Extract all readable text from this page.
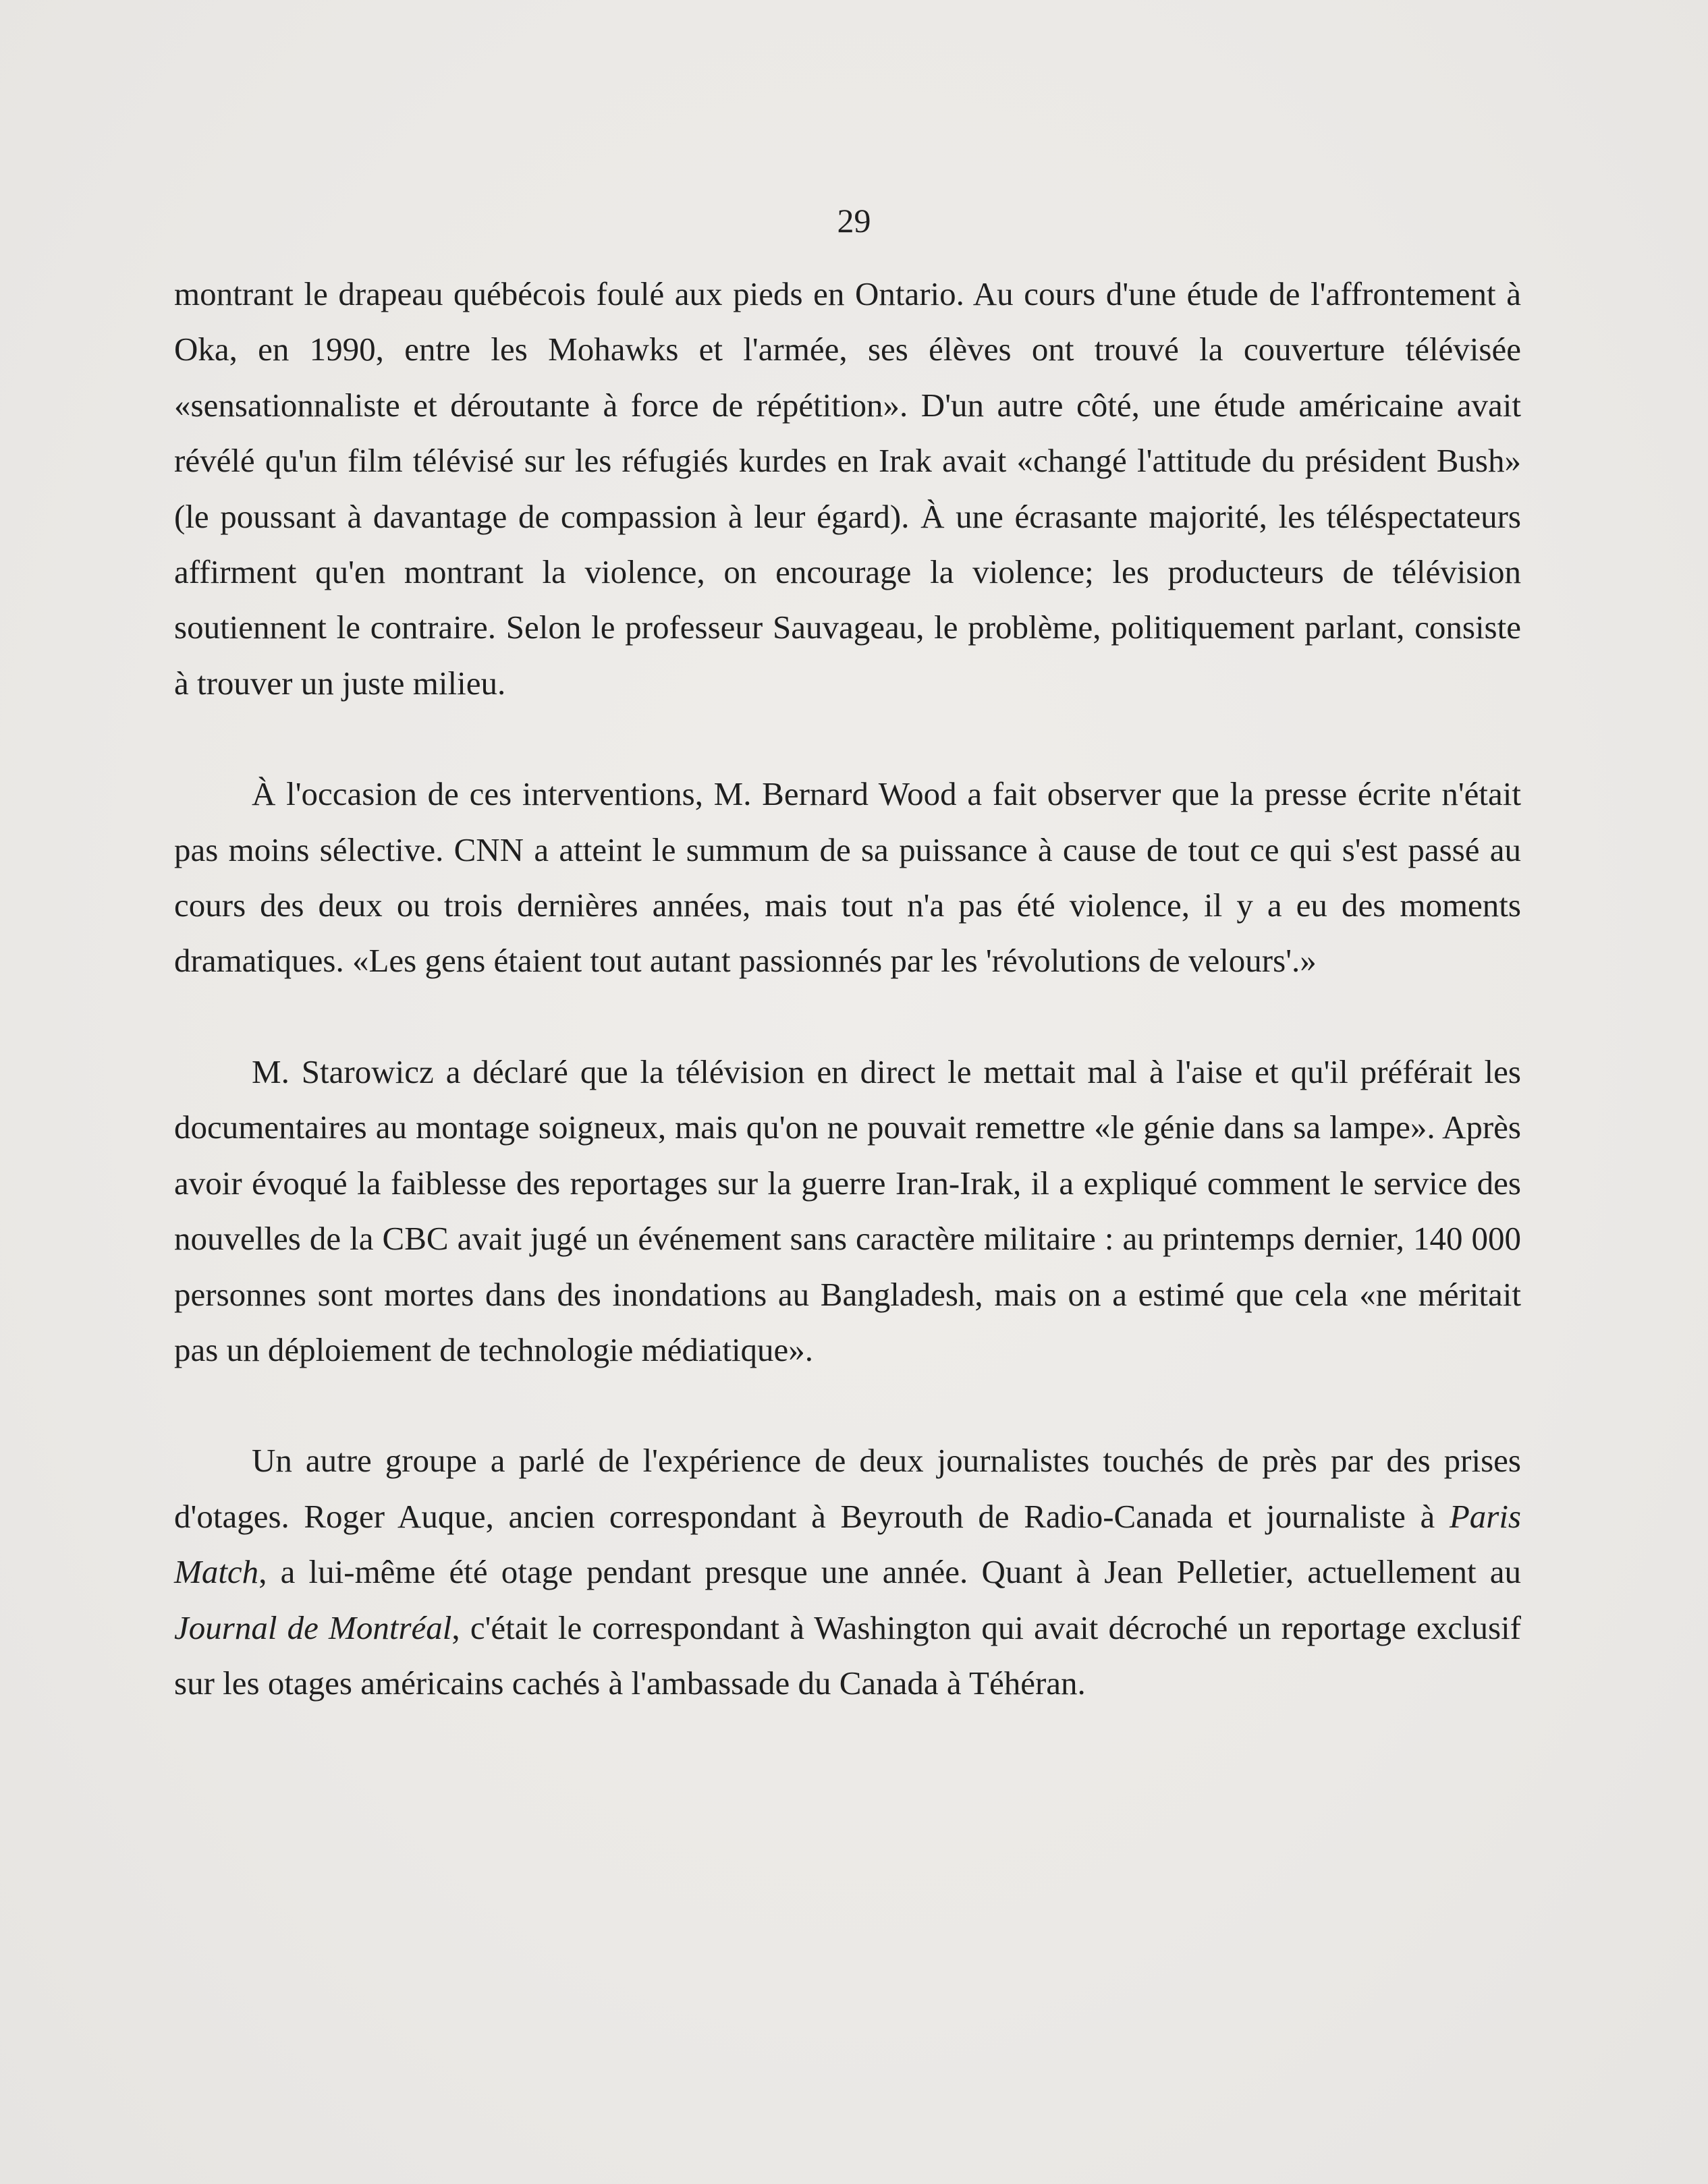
29

montrant le drapeau québécois foulé aux pieds en Ontario. Au cours d'une étude de l'affrontement à Oka, en 1990, entre les Mohawks et l'armée, ses élèves ont trouvé la couverture télévisée «sensationnaliste et déroutante à force de répétition». D'un autre côté, une étude américaine avait révélé qu'un film télévisé sur les réfugiés kurdes en Irak avait «changé l'attitude du président Bush» (le poussant à davantage de compassion à leur égard). À une écrasante majorité, les téléspectateurs affirment qu'en montrant la violence, on encourage la violence; les producteurs de télévision soutiennent le contraire. Selon le professeur Sauvageau, le problème, politiquement parlant, consiste à trouver un juste milieu.

À l'occasion de ces interventions, M. Bernard Wood a fait observer que la presse écrite n'était pas moins sélective. CNN a atteint le summum de sa puissance à cause de tout ce qui s'est passé au cours des deux ou trois dernières années, mais tout n'a pas été violence, il y a eu des moments dramatiques. «Les gens étaient tout autant passionnés par les 'révolutions de velours'.»

M. Starowicz a déclaré que la télévision en direct le mettait mal à l'aise et qu'il préférait les documentaires au montage soigneux, mais qu'on ne pouvait remettre «le génie dans sa lampe». Après avoir évoqué la faiblesse des reportages sur la guerre Iran-Irak, il a expliqué comment le service des nouvelles de la CBC avait jugé un événement sans caractère militaire : au printemps dernier, 140 000 personnes sont mortes dans des inondations au Bangladesh, mais on a estimé que cela «ne méritait pas un déploiement de technologie médiatique».

Un autre groupe a parlé de l'expérience de deux journalistes touchés de près par des prises d'otages. Roger Auque, ancien correspondant à Beyrouth de Radio-Canada et journaliste à Paris Match, a lui-même été otage pendant presque une année. Quant à Jean Pelletier, actuellement au Journal de Montréal, c'était le correspondant à Washington qui avait décroché un reportage exclusif sur les otages américains cachés à l'ambassade du Canada à Téhéran.
